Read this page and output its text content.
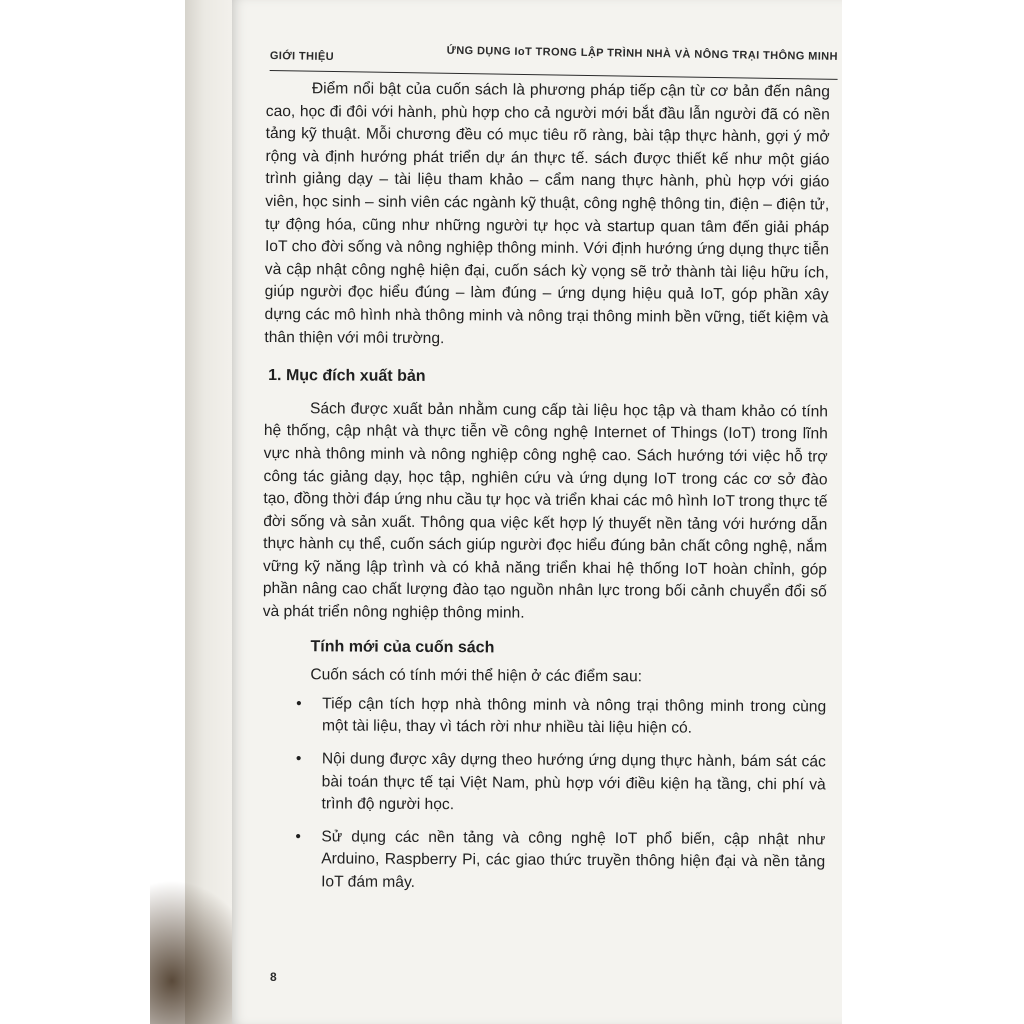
GIỚI THIỆU	ỨNG DỤNG IoT TRONG LẬP TRÌNH NHÀ VÀ NÔNG TRẠI THÔNG MINH

Điểm nổi bật của cuốn sách là phương pháp tiếp cận từ cơ bản đến nâng cao, học đi đôi với hành, phù hợp cho cả người mới bắt đầu lẫn người đã có nền tảng kỹ thuật. Mỗi chương đều có mục tiêu rõ ràng, bài tập thực hành, gợi ý mở rộng và định hướng phát triển dự án thực tế. sách được thiết kế như một giáo trình giảng dạy – tài liệu tham khảo – cẩm nang thực hành, phù hợp với giáo viên, học sinh – sinh viên các ngành kỹ thuật, công nghệ thông tin, điện – điện tử, tự động hóa, cũng như những người tự học và startup quan tâm đến giải pháp IoT cho đời sống và nông nghiệp thông minh. Với định hướng ứng dụng thực tiễn và cập nhật công nghệ hiện đại, cuốn sách kỳ vọng sẽ trở thành tài liệu hữu ích, giúp người đọc hiểu đúng – làm đúng – ứng dụng hiệu quả IoT, góp phần xây dựng các mô hình nhà thông minh và nông trại thông minh bền vững, tiết kiệm và thân thiện với môi trường.

1. Mục đích xuất bản

Sách được xuất bản nhằm cung cấp tài liệu học tập và tham khảo có tính hệ thống, cập nhật và thực tiễn về công nghệ Internet of Things (IoT) trong lĩnh vực nhà thông minh và nông nghiệp công nghệ cao. Sách hướng tới việc hỗ trợ công tác giảng dạy, học tập, nghiên cứu và ứng dụng IoT trong các cơ sở đào tạo, đồng thời đáp ứng nhu cầu tự học và triển khai các mô hình IoT trong thực tế đời sống và sản xuất. Thông qua việc kết hợp lý thuyết nền tảng với hướng dẫn thực hành cụ thể, cuốn sách giúp người đọc hiểu đúng bản chất công nghệ, nắm vững kỹ năng lập trình và có khả năng triển khai hệ thống IoT hoàn chỉnh, góp phần nâng cao chất lượng đào tạo nguồn nhân lực trong bối cảnh chuyển đổi số và phát triển nông nghiệp thông minh.

Tính mới của cuốn sách
Cuốn sách có tính mới thể hiện ở các điểm sau:
• Tiếp cận tích hợp nhà thông minh và nông trại thông minh trong cùng một tài liệu, thay vì tách rời như nhiều tài liệu hiện có.
• Nội dung được xây dựng theo hướng ứng dụng thực hành, bám sát các bài toán thực tế tại Việt Nam, phù hợp với điều kiện hạ tầng, chi phí và trình độ người học.
• Sử dụng các nền tảng và công nghệ IoT phổ biến, cập nhật như Arduino, Raspberry Pi, các giao thức truyền thông hiện đại và nền tảng IoT đám mây.
8
